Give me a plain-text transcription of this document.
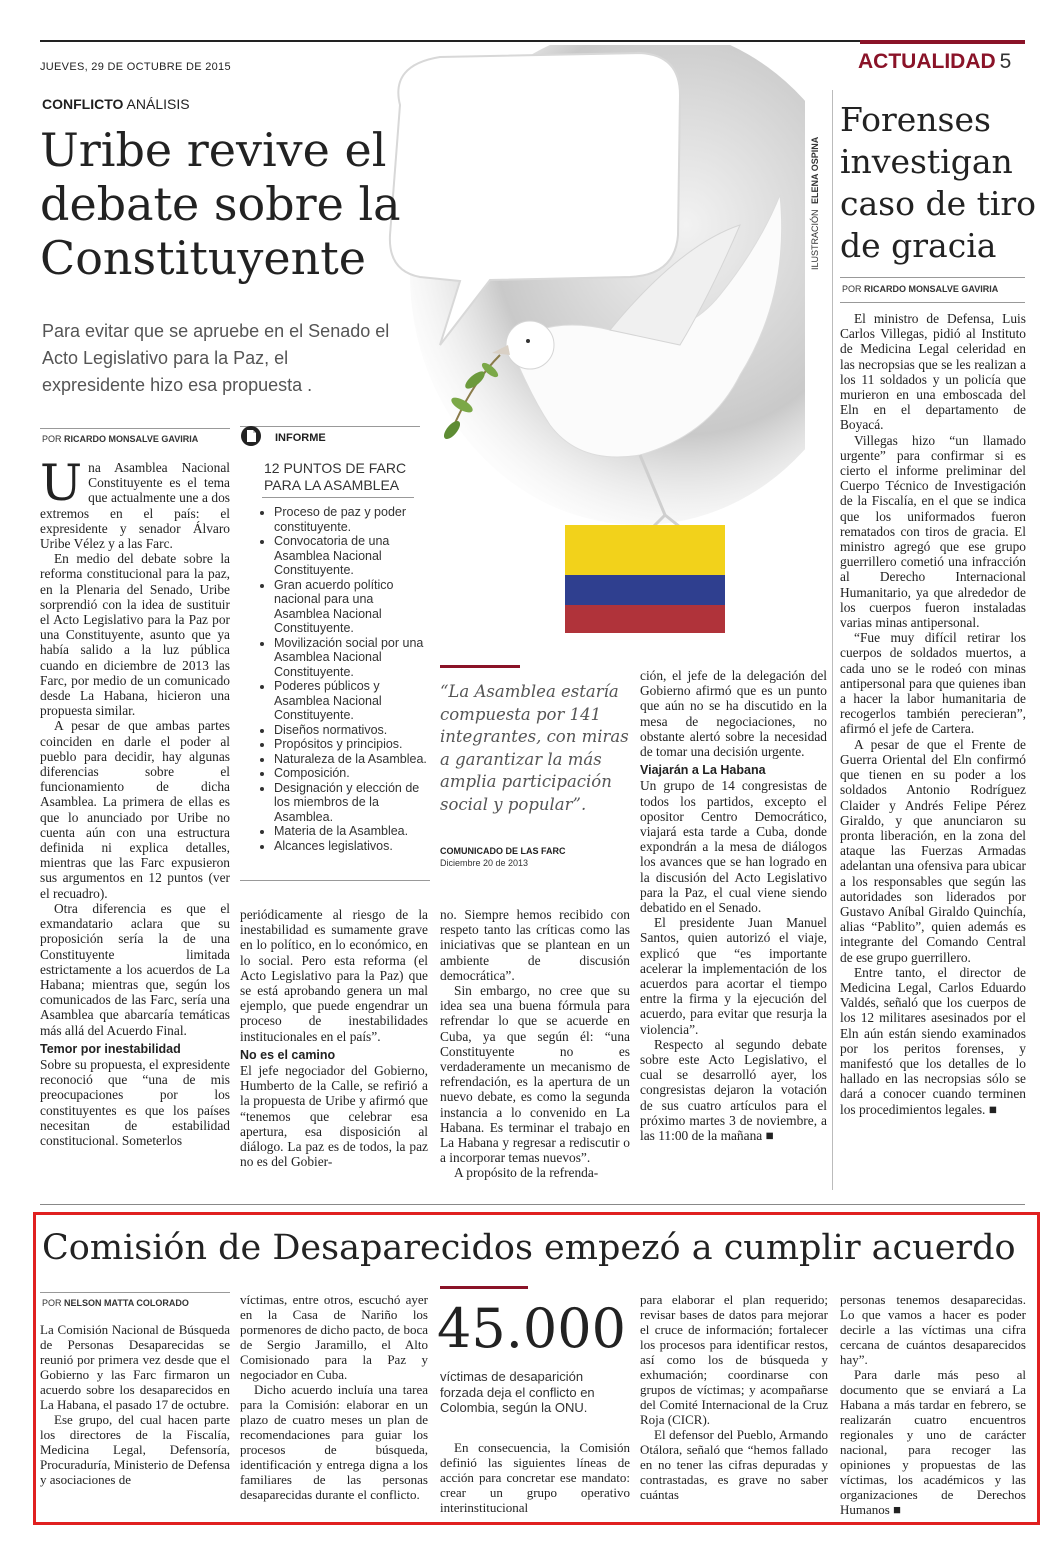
JUEVES, 29 DE OCTUBRE DE 2015	ACTUALIDAD 5
ILUSTRACIÓN ELENA OSPINA
CONFLICTO ANÁLISIS
Uribe revive el debate sobre la Constituyente
Para evitar que se apruebe en el Senado el Acto Legislativo para la Paz, el expresidente hizo esa propuesta .
POR RICARDO MONSALVE GAVIRIA

Una Asamblea Nacional Constituyente es el tema que actualmente une a dos extremos en el país: el expresidente y senador Álvaro Uribe Vélez y a las Farc.

En medio del debate sobre la reforma constitucional para la paz, en la Plenaria del Senado, Uribe sorprendió con la idea de sustituir el Acto Legislativo para la Paz por una Constituyente, asunto que ya había salido a la luz pública cuando en diciembre de 2013 las Farc, por medio de un comunicado desde La Habana, hicieron una propuesta similar.

A pesar de que ambas partes coinciden en darle el poder al pueblo para decidir, hay algunas diferencias sobre el funcionamiento de dicha Asamblea. La primera de ellas es que lo anunciado por Uribe no cuenta aún con una estructura definida ni explica detalles, mientras que las Farc expusieron sus argumentos en 12 puntos (ver el recuadro).

Otra diferencia es que el exmandatario aclara que su proposición sería la de una Constituyente limitada estrictamente a los acuerdos de La Habana; mientras que, según los comunicados de las Farc, sería una Asamblea que abarcaría temáticas más allá del Acuerdo Final.

Temor por inestabilidad

Sobre su propuesta, el expresidente reconoció que “una de mis preocupaciones por los constituyentes es que los países necesitan de estabilidad constitucional. Someterlos

INFORME
12 PUNTOS DE FARC PARA LA ASAMBLEA
• Proceso de paz y poder constituyente.
• Convocatoria de una Asamblea Nacional Constituyente.
• Gran acuerdo político nacional para una Asamblea Nacional Constituyente.
• Movilización social por una Asamblea Nacional Constituyente.
• Poderes públicos y Asamblea Nacional Constituyente.
• Diseños normativos.
• Propósitos y principios.
• Naturaleza de la Asamblea.
• Composición.
• Designación y elección de los miembros de la Asamblea.
• Materia de la Asamblea.
• Alcances legislativos.

periódicamente al riesgo de la inestabilidad es sumamente grave en lo político, en lo económico, en lo social. Pero esta reforma (el Acto Legislativo para la Paz) que se está aprobando genera un mal ejemplo, que puede engendrar un proceso de inestabilidades institucionales en el país”.

No es el camino

El jefe negociador del Gobierno, Humberto de la Calle, se refirió a la propuesta de Uribe y afirmó que “tenemos que celebrar esa apertura, esa disposición al diálogo. La paz es de todos, la paz no es del Gobier-

“La Asamblea estaría compuesta por 141 integrantes, con miras a garantizar la más amplia participación social y popular”.
COMUNICADO DE LAS FARC
Diciembre 20 de 2013

no. Siempre hemos recibido con respeto tanto las críticas como las iniciativas que se plantean en un ambiente de discusión democrática”.

Sin embargo, no cree que su idea sea una buena fórmula para refrendar lo que se acuerde en Cuba, ya que según él: “una Constituyente no es verdaderamente un mecanismo de refrendación, es la apertura de un nuevo debate, es como la segunda instancia a lo convenido en La Habana. Es terminar el trabajo en La Habana y regresar a rediscutir o a incorporar temas nuevos”.

A propósito de la refrenda-

ción, el jefe de la delegación del Gobierno afirmó que es un punto que aún no se ha discutido en la mesa de negociaciones, no obstante alertó sobre la necesidad de tomar una decisión urgente.

Viajarán a La Habana

Un grupo de 14 congresistas de todos los partidos, excepto el opositor Centro Democrático, viajará esta tarde a Cuba, donde expondrán a la mesa de diálogos los avances que se han logrado en la discusión del Acto Legislativo para la Paz, el cual viene siendo debatido en el Senado.

El presidente Juan Manuel Santos, quien autorizó el viaje, explicó que “es importante acelerar la implementación de los acuerdos para acortar el tiempo entre la firma y la ejecución del acuerdo, para evitar que resurja la violencia”.

Respecto al segundo debate sobre este Acto Legislativo, el cual se desarrolló ayer, los congresistas dejaron la votación de sus cuatro artículos para el próximo martes 3 de noviembre, a las 11:00 de la mañana ■

Forenses investigan caso de tiro de gracia
POR RICARDO MONSALVE GAVIRIA

El ministro de Defensa, Luis Carlos Villegas, pidió al Instituto de Medicina Legal celeridad en las necropsias que se les realizan a los 11 soldados y un policía que murieron en una emboscada del Eln en el departamento de Boyacá.

Villegas hizo “un llamado urgente” para confirmar si es cierto el informe preliminar del Cuerpo Técnico de Investigación de la Fiscalía, en el que se indica que los uniformados fueron rematados con tiros de gracia. El ministro agregó que ese grupo guerrillero cometió una infracción al Derecho Internacional Humanitario, ya que alrededor de los cuerpos fueron instaladas varias minas antipersonal.

“Fue muy difícil retirar los cuerpos de soldados muertos, a cada uno se le rodeó con minas antipersonal para que quienes iban a hacer la labor humanitaria de recogerlos también perecieran”, afirmó el jefe de Cartera.

A pesar de que el Frente de Guerra Oriental del Eln confirmó que tienen en su poder a los soldados Antonio Rodríguez Claider y Andrés Felipe Pérez Giraldo, y que anunciaron su pronta liberación, en la zona del ataque las Fuerzas Armadas adelantan una ofensiva para ubicar a los responsables que según las autoridades son liderados por Gustavo Aníbal Giraldo Quinchía, alias “Pablito”, quien además es integrante del Comando Central de ese grupo guerrillero.

Entre tanto, el director de Medicina Legal, Carlos Eduardo Valdés, señaló que los cuerpos de los 12 militares asesinados por el Eln aún están siendo examinados por los peritos forenses, y manifestó que los detalles de lo hallado en las necropsias sólo se dará a conocer cuando terminen los procedimientos legales. ■

Comisión de Desaparecidos empezó a cumplir acuerdo
POR NELSON MATTA COLORADO

La Comisión Nacional de Búsqueda de Personas Desaparecidas se reunió por primera vez desde que el Gobierno y las Farc firmaron un acuerdo sobre los desaparecidos en La Habana, el pasado 17 de octubre.

Ese grupo, del cual hacen parte los directores de la Fiscalía, Medicina Legal, Defensoría, Procuraduría, Ministerio de Defensa y asociaciones de

víctimas, entre otros, escuchó ayer en la Casa de Nariño los pormenores de dicho pacto, de boca de Sergio Jaramillo, el Alto Comisionado para la Paz y negociador en Cuba.

Dicho acuerdo incluía una tarea para la Comisión: elaborar en un plazo de cuatro meses un plan de recomendaciones para guiar los procesos de búsqueda, identificación y entrega digna a los familiares de las personas desaparecidas durante el conflicto.

45.000
víctimas de desaparición forzada deja el conflicto en Colombia, según la ONU.

En consecuencia, la Comisión definió las siguientes líneas de acción para concretar ese mandato: crear un grupo operativo interinstitucional

para elaborar el plan requerido; revisar bases de datos para mejorar el cruce de información; fortalecer los procesos para identificar restos, así como los de búsqueda y exhumación; coordinarse con grupos de víctimas; y acompañarse del Comité Internacional de la Cruz Roja (CICR).

El defensor del Pueblo, Armando Otálora, señaló que “hemos fallado en no tener las cifras depuradas y contrastadas, es grave no saber cuántas

personas tenemos desaparecidas. Lo que vamos a hacer es poder decirle a las víctimas una cifra cercana de cuántos desaparecidos hay”.

Para darle más peso al documento que se enviará a La Habana a más tardar en febrero, se realizarán cuatro encuentros regionales y uno de carácter nacional, para recoger las opiniones y propuestas de las víctimas, los académicos y las organizaciones de Derechos Humanos ■
